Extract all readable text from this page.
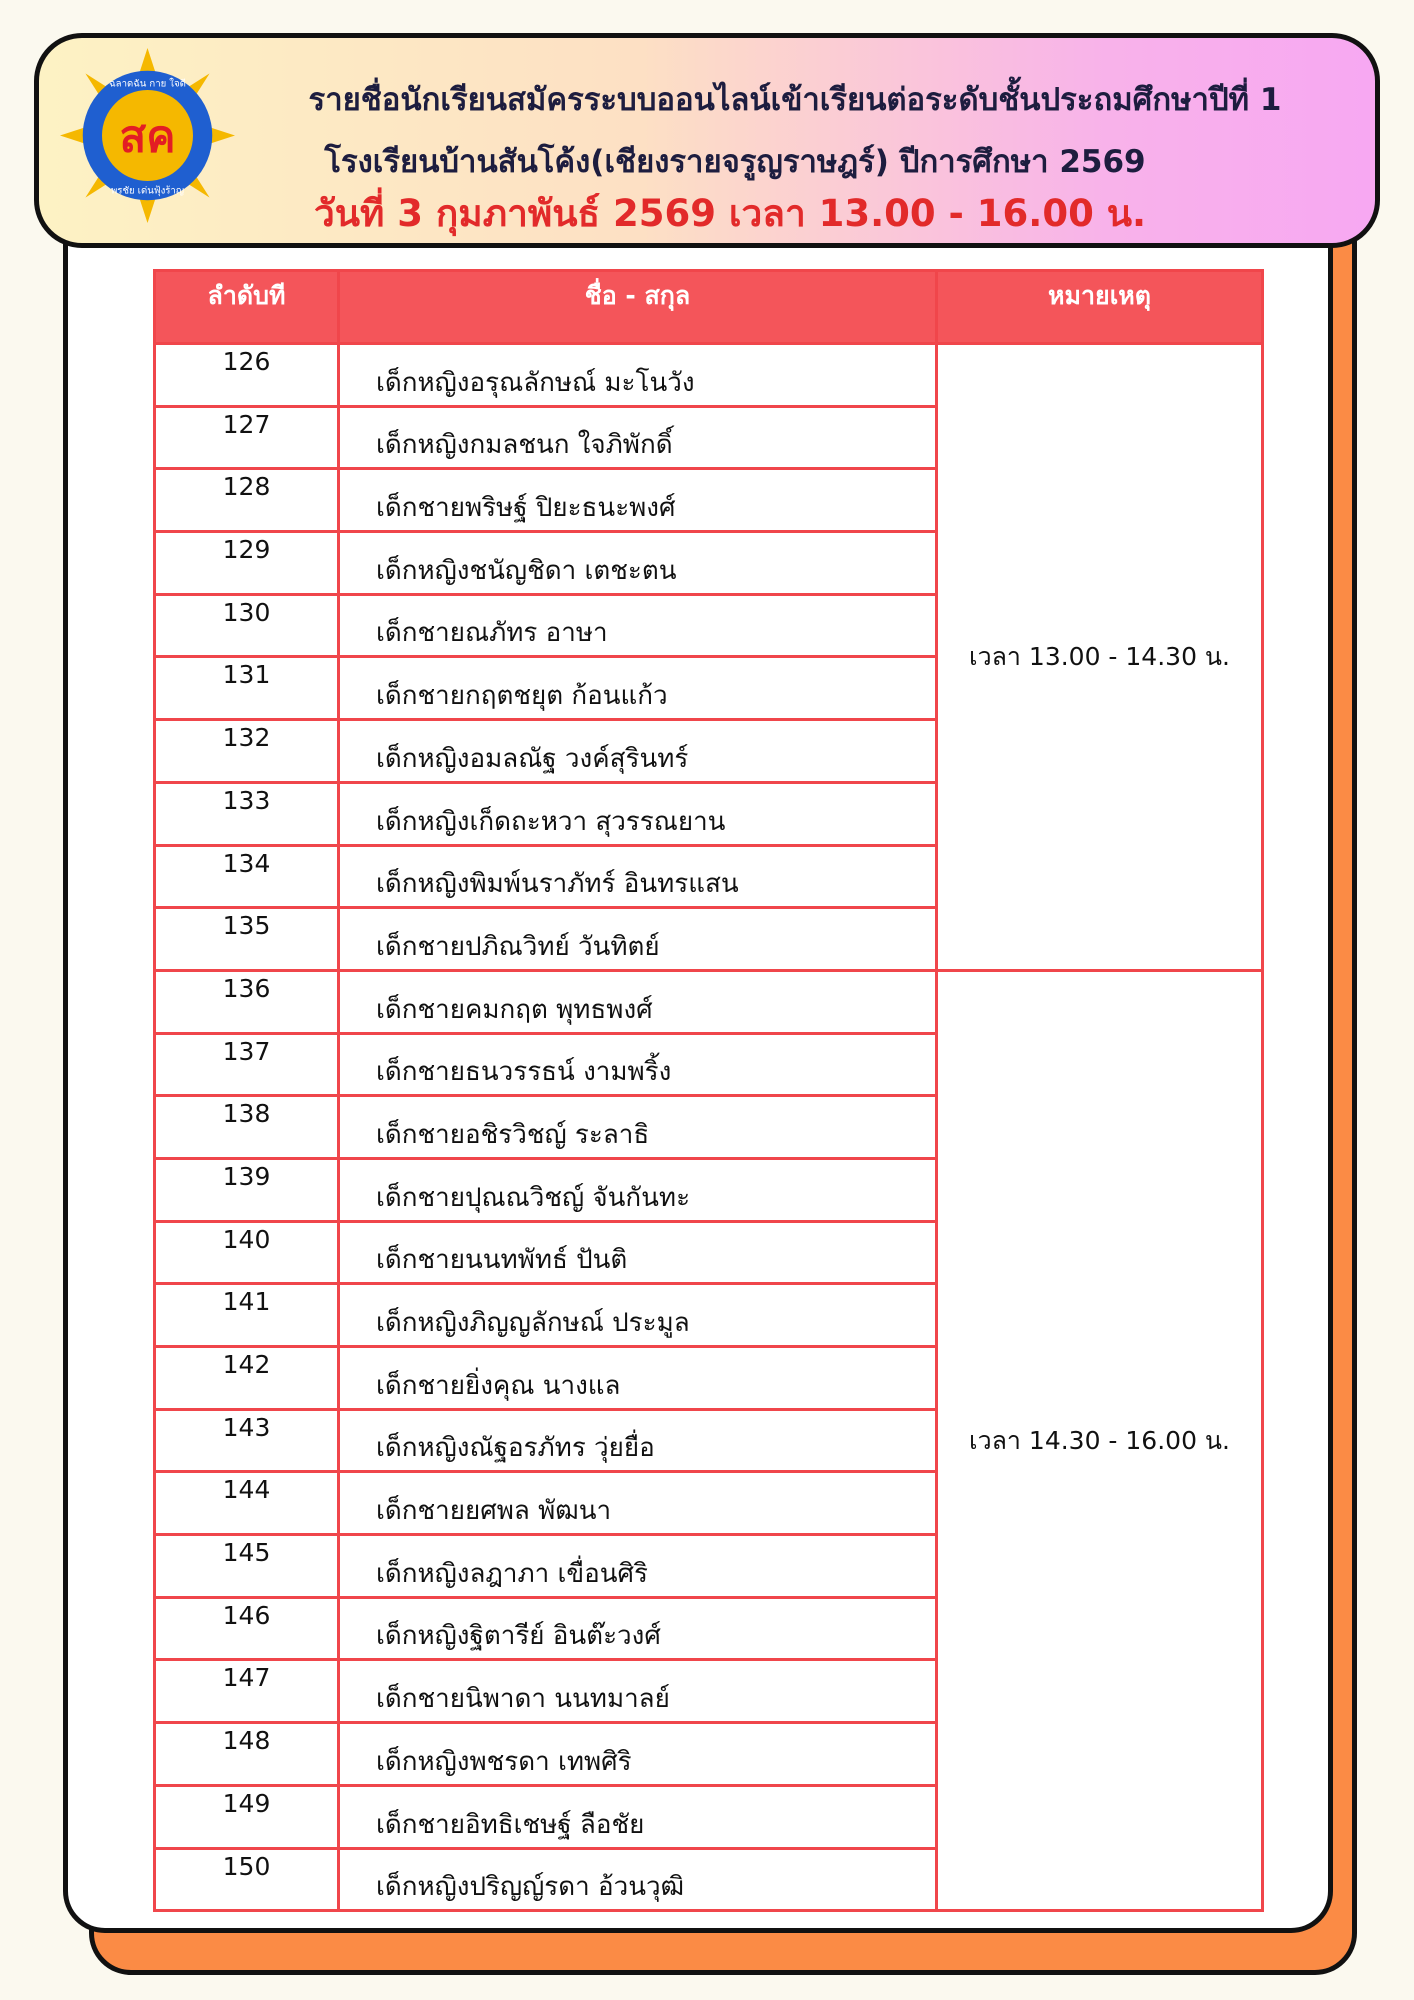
สค
ฉลาดฉัน กาย ใจดี
พรชัย เด่นฟุ้งร้าญ
รายชื่อนักเรียนสมัครระบบออนไลน์เข้าเรียนต่อระดับชั้นประถมศึกษาปีที่ 1
โรงเรียนบ้านสันโค้ง(เชียงรายจรูญราษฎร์) ปีการศึกษา 2569
วันที่ 3 กุมภาพันธ์ 2569 เวลา 13.00 - 16.00 น.
ลำดับที	ชื่อ - สกุล	หมายเหตุ
126	เด็กหญิงอรุณลักษณ์ มะโนวัง	เวลา 13.00 - 14.30 น.
127	เด็กหญิงกมลชนก ใจภิพักดิ์	
128	เด็กชายพริษฐ์ ปิยะธนะพงศ์	
129	เด็กหญิงชนัญชิดา เตชะตน	
130	เด็กชายณภัทร อาษา	
131	เด็กชายกฤตชยุต ก้อนแก้ว	
132	เด็กหญิงอมลณัฐ วงค์สุรินทร์	
133	เด็กหญิงเก็ดถะหวา สุวรรณยาน	
134	เด็กหญิงพิมพ์นราภัทร์ อินทรแสน	
135	เด็กชายปภิณวิทย์ วันทิตย์	
136	เด็กชายคมกฤต พุทธพงศ์	เวลา 14.30 - 16.00 น.
137	เด็กชายธนวรรธน์ งามพริ้ง	
138	เด็กชายอชิรวิชญ์ ระลาธิ	
139	เด็กชายปุณณวิชญ์ จันกันทะ	
140	เด็กชายนนทพัทธ์ ปันติ	
141	เด็กหญิงภิญญลักษณ์ ประมูล	
142	เด็กชายยิ่งคุณ นางแล	
143	เด็กหญิงณัฐอรภัทร วุ่ยยื่อ	
144	เด็กชายยศพล พัฒนา	
145	เด็กหญิงลฎาภา เขื่อนศิริ	
146	เด็กหญิงฐิตารีย์ อินต๊ะวงศ์	
147	เด็กชายนิพาดา นนทมาลย์	
148	เด็กหญิงพชรดา เทพศิริ	
149	เด็กชายอิทธิเชษฐ์ ลือชัย	
150	เด็กหญิงปริญญ์รดา อ้วนวุฒิ	
